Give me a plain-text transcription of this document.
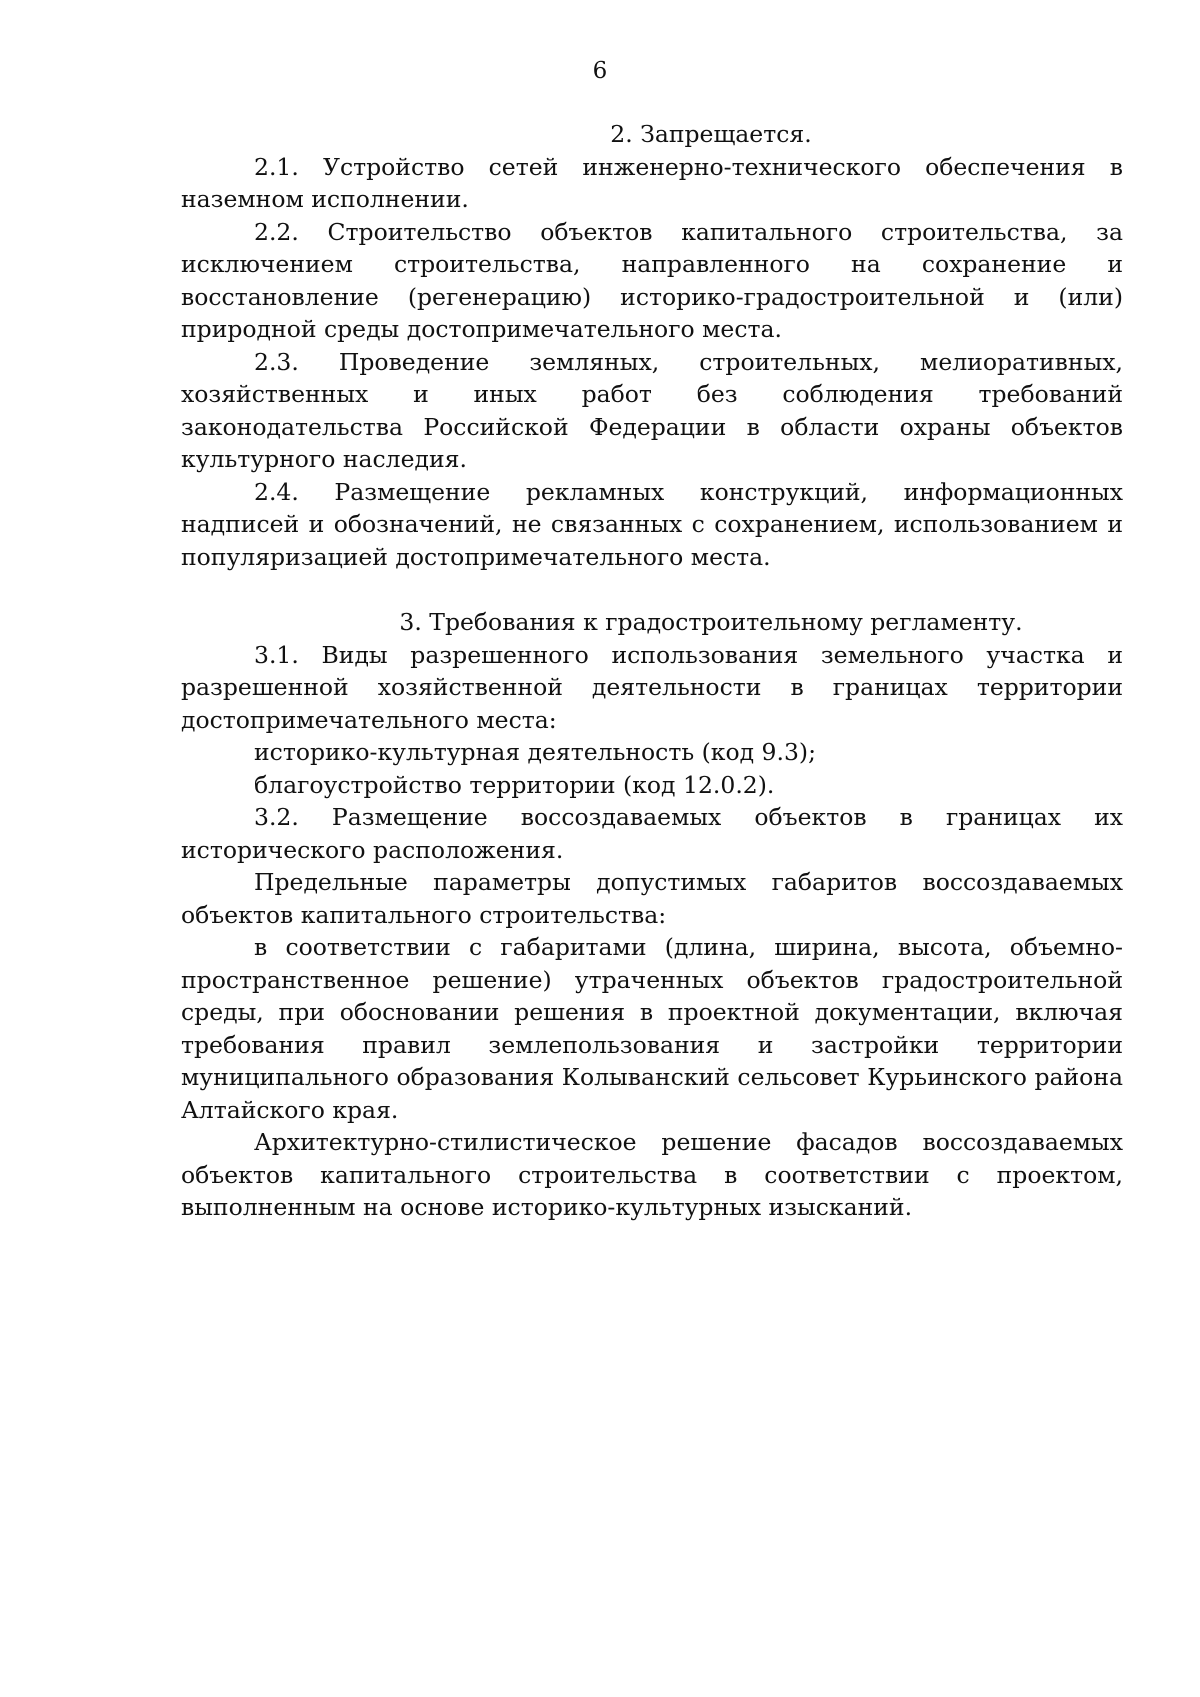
6

2. Запрещается.

2.1. Устройство сетей инженерно-технического обеспечения в наземном исполнении.

2.2. Строительство объектов капитального строительства, за исключением строительства, направленного на сохранение и восстановление (регенерацию) историко-градостроительной и (или) природной среды достопримечательного места.

2.3. Проведение земляных, строительных, мелиоративных, хозяйственных и иных работ без соблюдения требований законодательства Российской Федерации в области охраны объектов культурного наследия.

2.4. Размещение рекламных конструкций, информационных надписей и обозначений, не связанных с сохранением, использованием и популяризацией достопримечательного места.

3. Требования к градостроительному регламенту.

3.1. Виды разрешенного использования земельного участка и разрешенной хозяйственной деятельности в границах территории достопримечательного места:

историко-культурная деятельность (код 9.3);

благоустройство территории (код 12.0.2).

3.2. Размещение воссоздаваемых объектов в границах их исторического расположения.

Предельные параметры допустимых габаритов воссоздаваемых объектов капитального строительства:

в соответствии с габаритами (длина, ширина, высота, объемно-пространственное решение) утраченных объектов градостроительной среды, при обосновании решения в проектной документации, включая требования правил землепользования и застройки территории муниципального образования Колыванский сельсовет Курьинского района Алтайского края.

Архитектурно-стилистическое решение фасадов воссоздаваемых объектов капитального строительства в соответствии с проектом, выполненным на основе историко-культурных изысканий.
